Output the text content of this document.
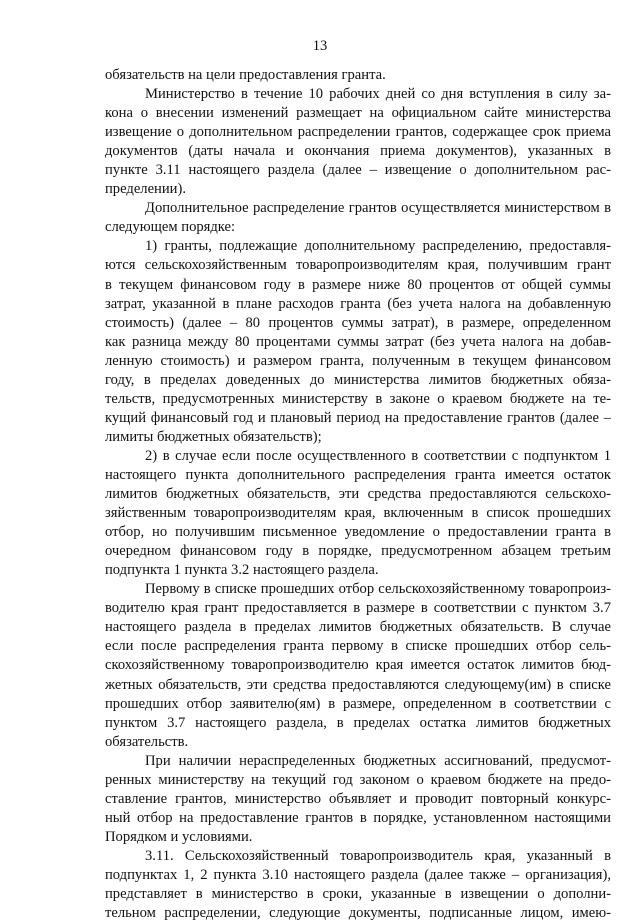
13
обязательств на цели предоставления гранта.
Министерство в течение 10 рабочих дней со дня вступления в силу за-
кона о внесении изменений размещает на официальном сайте министерства
извещение о дополнительном распределении грантов, содержащее срок приема
документов (даты начала и окончания приема документов), указанных в
пункте 3.11 настоящего раздела (далее – извещение о дополнительном рас-
пределении).
Дополнительное распределение грантов осуществляется министерством в
следующем порядке:
1) гранты, подлежащие дополнительному распределению, предоставля-
ются сельскохозяйственным товаропроизводителям края, получившим грант
в текущем финансовом году в размере ниже 80 процентов от общей суммы
затрат, указанной в плане расходов гранта (без учета налога на добавленную
стоимость) (далее – 80 процентов суммы затрат), в размере, определенном
как разница между 80 процентами суммы затрат (без учета налога на добав-
ленную стоимость) и размером гранта, полученным в текущем финансовом
году, в пределах доведенных до министерства лимитов бюджетных обяза-
тельств, предусмотренных министерству в законе о краевом бюджете на те-
кущий финансовый год и плановый период на предоставление грантов (далее –
лимиты бюджетных обязательств);
2) в случае если после осуществленного в соответствии с подпунктом 1
настоящего пункта дополнительного распределения гранта имеется остаток
лимитов бюджетных обязательств, эти средства предоставляются сельскохо-
зяйственным товаропроизводителям края, включенным в список прошедших
отбор, но получившим письменное уведомление о предоставлении гранта в
очередном финансовом году в порядке, предусмотренном абзацем третьим
подпункта 1 пункта 3.2 настоящего раздела.
Первому в списке прошедших отбор сельскохозяйственному товаропроиз-
водителю края грант предоставляется в размере в соответствии с пунктом 3.7
настоящего раздела в пределах лимитов бюджетных обязательств. В случае
если после распределения гранта первому в списке прошедших отбор сель-
скохозяйственному товаропроизводителю края имеется остаток лимитов бюд-
жетных обязательств, эти средства предоставляются следующему(им) в списке
прошедших отбор заявителю(ям) в размере, определенном в соответствии с
пунктом 3.7 настоящего раздела, в пределах остатка лимитов бюджетных
обязательств.
При наличии нераспределенных бюджетных ассигнований, предусмот-
ренных министерству на текущий год законом о краевом бюджете на предо-
ставление грантов, министерство объявляет и проводит повторный конкурс-
ный отбор на предоставление грантов в порядке, установленном настоящими
Порядком и условиями.
3.11. Сельскохозяйственный товаропроизводитель края, указанный в
подпунктах 1, 2 пункта 3.10 настоящего раздела (далее также – организация),
представляет в министерство в сроки, указанные в извещении о дополни-
тельном распределении, следующие документы, подписанные лицом, имею-
